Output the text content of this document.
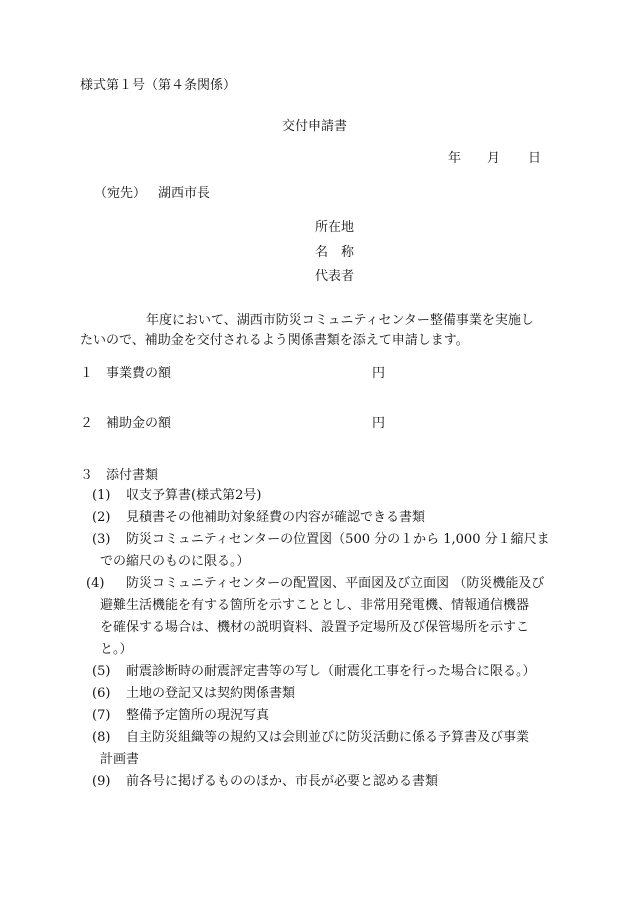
様式第１号（第４条関係）
交付申請書
年 月 日
（宛先） 湖西市長
所在地
名　称
代表者
年度において、湖西市防災コミュニティセンター整備事業を実施し
たいので、補助金を交付されるよう関係書類を添えて申請します。
１ 事業費の額	円
２ 補助金の額	円
３ 添付書類
(1) 収支予算書(様式第2号)
(2) 見積書その他補助対象経費の内容が確認できる書類
(3) 防災コミュニティセンターの位置図（500 分の１から 1,000 分１縮尺ま
での縮尺のものに限る。）
(4) 防災コミュニティセンターの配置図、平面図及び立面図 （防災機能及び
避難生活機能を有する箇所を示すこととし、非常用発電機、情報通信機器
を確保する場合は、機材の説明資料、設置予定場所及び保管場所を示すこ
と。）
(5) 耐震診断時の耐震評定書等の写し（耐震化工事を行った場合に限る。）
(6) 土地の登記又は契約関係書類
(7) 整備予定箇所の現況写真
(8) 自主防災組織等の規約又は会則並びに防災活動に係る予算書及び事業
計画書
(9) 前各号に掲げるもののほか、市長が必要と認める書類
